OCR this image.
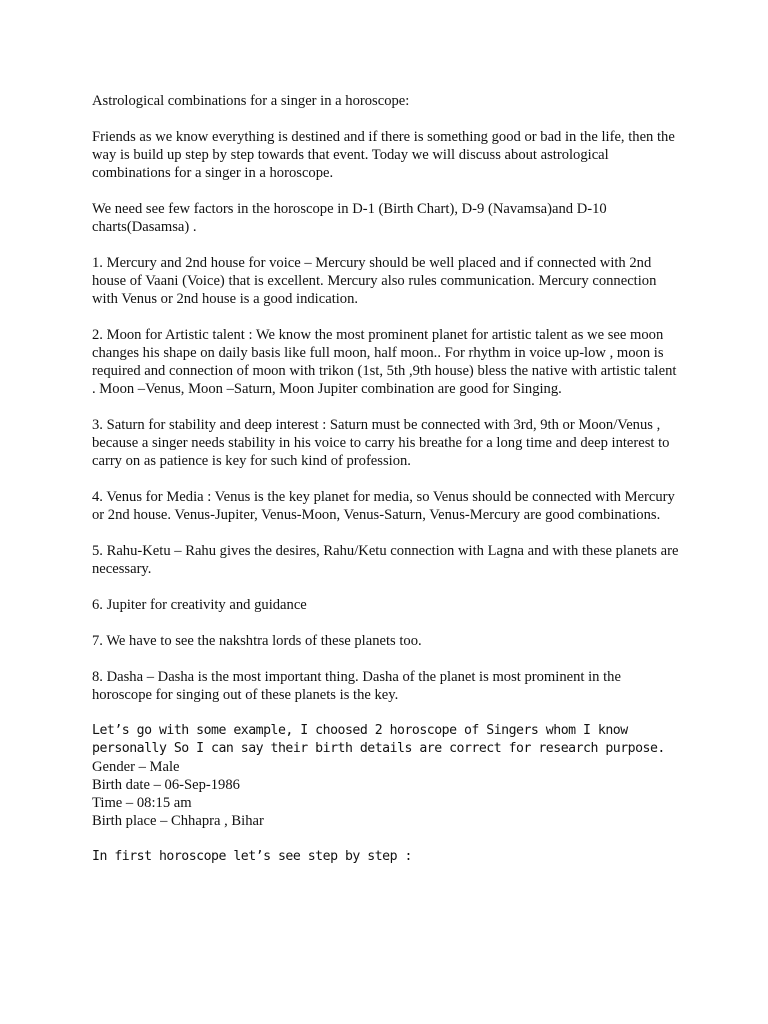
Astrological combinations for a singer in a horoscope:

Friends as we know everything is destined and if there is something good or bad in the life, then the way is build up step by step towards that event. Today we will discuss about astrological combinations for a singer in a horoscope.

We need see few factors in the horoscope in D-1 (Birth Chart), D-9 (Navamsa)and D-10 charts(Dasamsa) .

1. Mercury and 2nd house for voice – Mercury should be well placed and if connected with 2nd house of Vaani (Voice) that is excellent. Mercury also rules communication. Mercury connection with Venus or 2nd house is a good indication.

2. Moon for Artistic talent : We know the most prominent planet for artistic talent as we see moon changes his shape on daily basis like full moon, half moon.. For rhythm in voice up-low , moon is required and connection of moon with trikon (1st, 5th ,9th house) bless the native with artistic talent . Moon –Venus, Moon –Saturn, Moon Jupiter combination are good for Singing.

3. Saturn for stability and deep interest : Saturn must be connected with 3rd, 9th or Moon/Venus , because a singer needs stability in his voice to carry his breathe for a long time and deep interest to carry on as patience is key for such kind of profession.

4. Venus for Media : Venus is the key planet for media, so Venus should be connected with Mercury or 2nd house. Venus-Jupiter, Venus-Moon, Venus-Saturn, Venus-Mercury are good combinations.

5. Rahu-Ketu – Rahu gives the desires, Rahu/Ketu connection with Lagna and with these planets are necessary.

6. Jupiter for creativity and guidance

7. We have to see the nakshtra lords of these planets too.

8. Dasha – Dasha is the most important thing. Dasha of the planet is most prominent in the horoscope for singing out of these planets is the key.

Let’s go with some example, I choosed 2 horoscope of Singers whom I know personally So I can say their birth details are correct for research purpose.
Gender – Male
Birth date – 06-Sep-1986
Time – 08:15 am
Birth place – Chhapra , Bihar

In first horoscope let’s see step by step :
